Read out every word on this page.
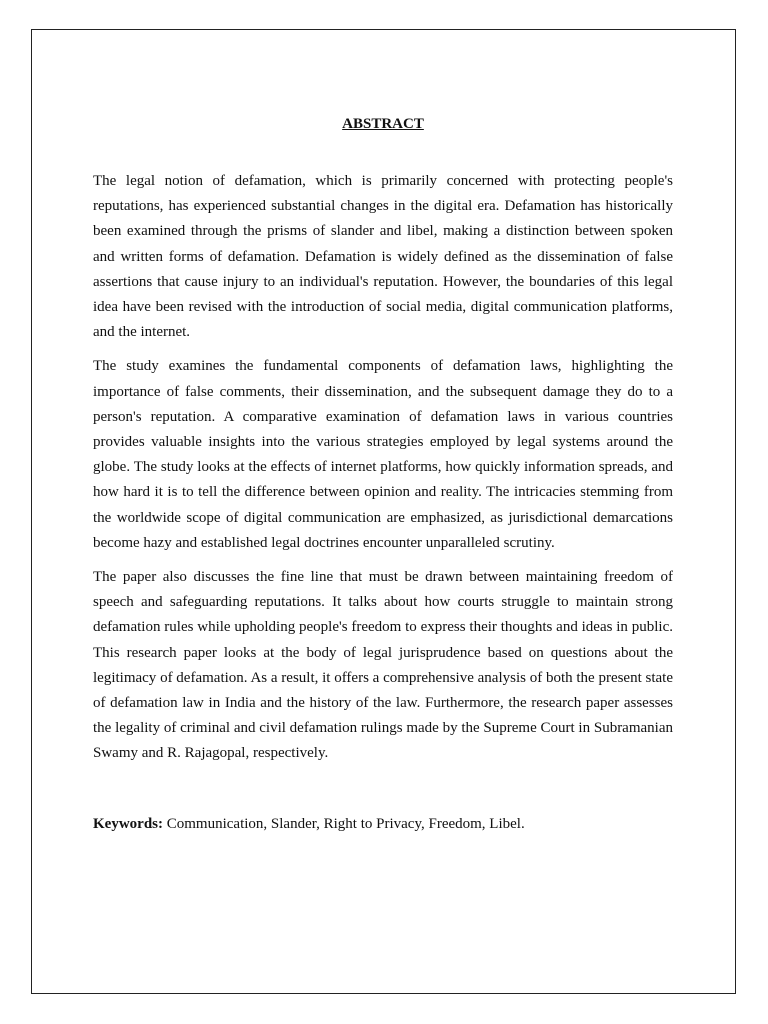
ABSTRACT

The legal notion of defamation, which is primarily concerned with protecting people's reputations, has experienced substantial changes in the digital era. Defamation has historically been examined through the prisms of slander and libel, making a distinction between spoken and written forms of defamation. Defamation is widely defined as the dissemination of false assertions that cause injury to an individual's reputation. However, the boundaries of this legal idea have been revised with the introduction of social media, digital communication platforms, and the internet.

The study examines the fundamental components of defamation laws, highlighting the importance of false comments, their dissemination, and the subsequent damage they do to a person's reputation. A comparative examination of defamation laws in various countries provides valuable insights into the various strategies employed by legal systems around the globe. The study looks at the effects of internet platforms, how quickly information spreads, and how hard it is to tell the difference between opinion and reality. The intricacies stemming from the worldwide scope of digital communication are emphasized, as jurisdictional demarcations become hazy and established legal doctrines encounter unparalleled scrutiny.

The paper also discusses the fine line that must be drawn between maintaining freedom of speech and safeguarding reputations. It talks about how courts struggle to maintain strong defamation rules while upholding people's freedom to express their thoughts and ideas in public. This research paper looks at the body of legal jurisprudence based on questions about the legitimacy of defamation. As a result, it offers a comprehensive analysis of both the present state of defamation law in India and the history of the law. Furthermore, the research paper assesses the legality of criminal and civil defamation rulings made by the Supreme Court in Subramanian Swamy and R. Rajagopal, respectively.

Keywords: Communication, Slander, Right to Privacy, Freedom, Libel.
